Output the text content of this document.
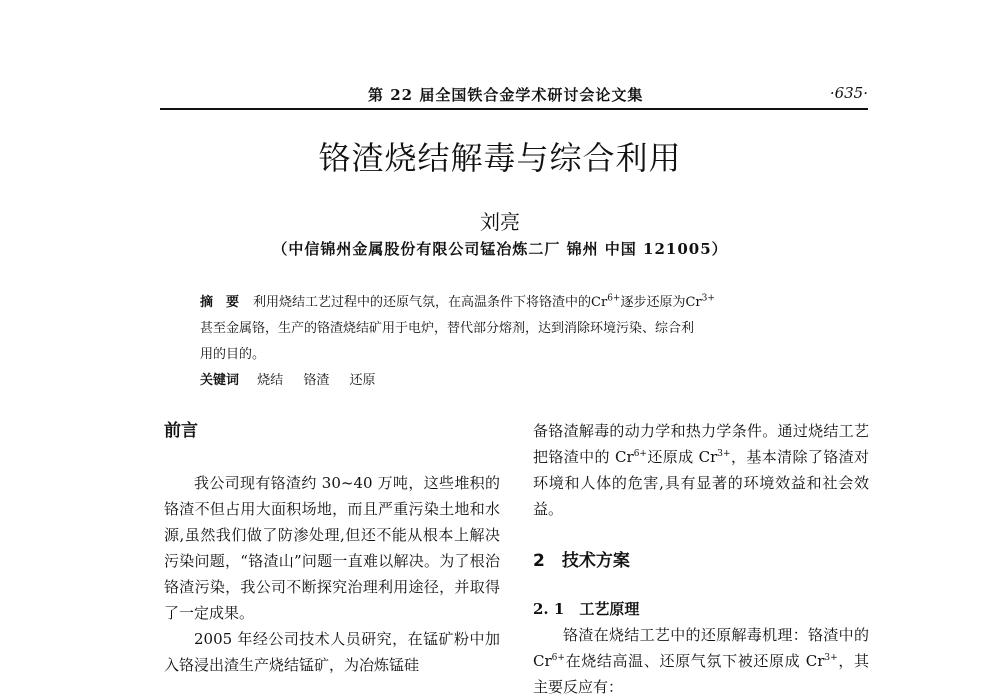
第 22 届全国铁合金学术研讨会论文集	·635·
铬渣烧结解毒与综合利用
刘亮
（中信锦州金属股份有限公司锰冶炼二厂 锦州 中国 121005）
摘　要 利用烧结工艺过程中的还原气氛，在高温条件下将铬渣中的$Cr^{6+}$逐步还原为$Cr^{3+}$
甚至金属铬，生产的铬渣烧结矿用于电炉，替代部分熔剂，达到消除环境污染、综合利
用的目的。
关键词 烧结 铬渣 还原
前言

我公司现有铬渣约 30~40 万吨，这些堆积的铬渣不但占用大面积场地，而且严重污染土地和水源,虽然我们做了防渗处理,但还不能从根本上解决污染问题，“铬渣山”问题一直难以解决。为了根治铬渣污染，我公司不断探究治理利用途径，并取得了一定成果。

2005 年经公司技术人员研究，在锰矿粉中加入铬浸出渣生产烧结锰矿，为冶炼锰硅

备铬渣解毒的动力学和热力学条件。通过烧结工艺把铬渣中的 $Cr^{6+}$还原成 $Cr^{3+}$，基本清除了铬渣对环境和人体的危害,具有显著的环境效益和社会效益。

2　技术方案
2. 1　工艺原理

铬渣在烧结工艺中的还原解毒机理：铬渣中的 $Cr^{6+}$在烧结高温、还原气氛下被还原成 $Cr^{3+}$，其主要反应有：
